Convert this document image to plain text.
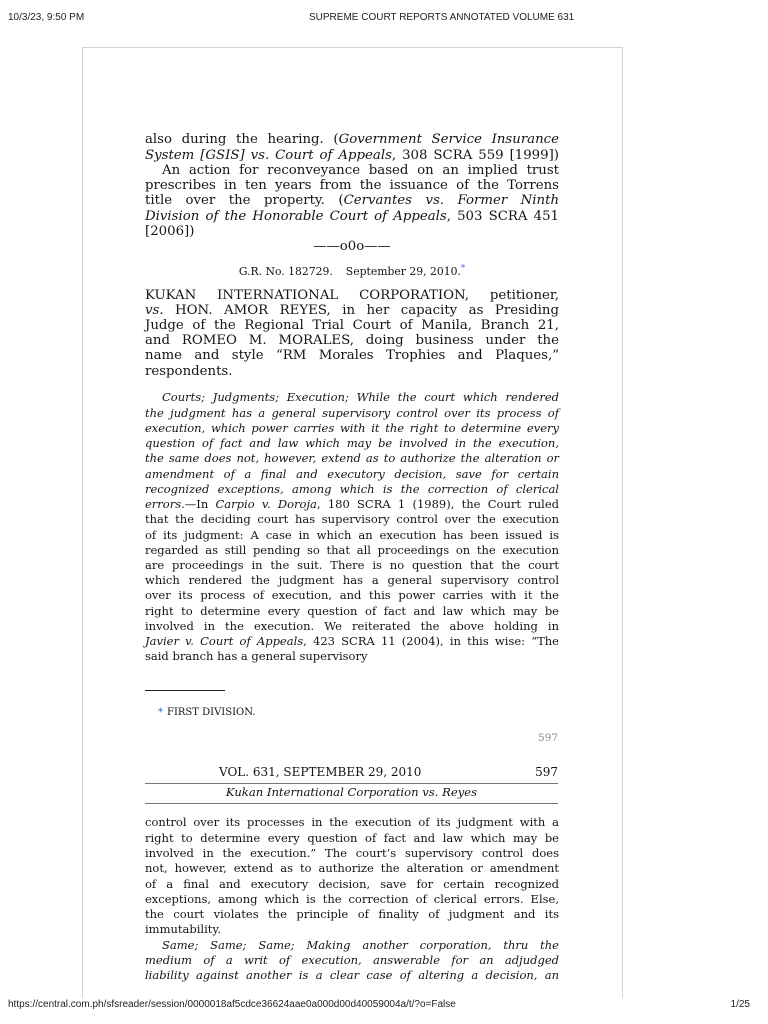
10/3/23, 9:50 PM	SUPREME COURT REPORTS ANNOTATED VOLUME 631
also during the hearing. (Government Service Insurance
System [GSIS] vs. Court of Appeals, 308 SCRA 559 [1999])
An action for reconveyance based on an implied trust
prescribes in ten years from the issuance of the Torrens
title over the property. (Cervantes vs. Former Ninth
Division of the Honorable Court of Appeals, 503 SCRA 451
[2006])
——o0o——
G.R. No. 182729. September 29, 2010.*
KUKAN INTERNATIONAL CORPORATION, petitioner,
vs. HON. AMOR REYES, in her capacity as Presiding
Judge of the Regional Trial Court of Manila, Branch 21,
and ROMEO M. MORALES, doing business under the
name and style “RM Morales Trophies and Plaques,”
respondents.
Courts; Judgments; Execution; While the court which rendered
the judgment has a general supervisory control over its process of
execution, which power carries with it the right to determine every
question of fact and law which may be involved in the execution,
the same does not, however, extend as to authorize the alteration or
amendment of a final and executory decision, save for certain
recognized exceptions, among which is the correction of clerical
errors.—In Carpio v. Doroja, 180 SCRA 1 (1989), the Court ruled
that the deciding court has supervisory control over the execution
of its judgment: A case in which an execution has been issued is
regarded as still pending so that all proceedings on the execution
are proceedings in the suit. There is no question that the court
which rendered the judgment has a general supervisory control
over its process of execution, and this power carries with it the
right to determine every question of fact and law which may be
involved in the execution. We reiterated the above holding in
Javier v. Court of Appeals, 423 SCRA 11 (2004), in this wise: “The
said branch has a general supervisory
* FIRST DIVISION.
597
VOL. 631, SEPTEMBER 29, 2010	597
Kukan International Corporation vs. Reyes
control over its processes in the execution of its judgment with a
right to determine every question of fact and law which may be
involved in the execution.” The court’s supervisory control does
not, however, extend as to authorize the alteration or amendment
of a final and executory decision, save for certain recognized
exceptions, among which is the correction of clerical errors. Else,
the court violates the principle of finality of judgment and its
immutability.
Same; Same; Same; Making another corporation, thru the
medium of a writ of execution, answerable for an adjudged
liability against another is a clear case of altering a decision, an
https://central.com.ph/sfsreader/session/0000018af5cdce36624aae0a000d00d40059004a/t/?o=False	1/25
